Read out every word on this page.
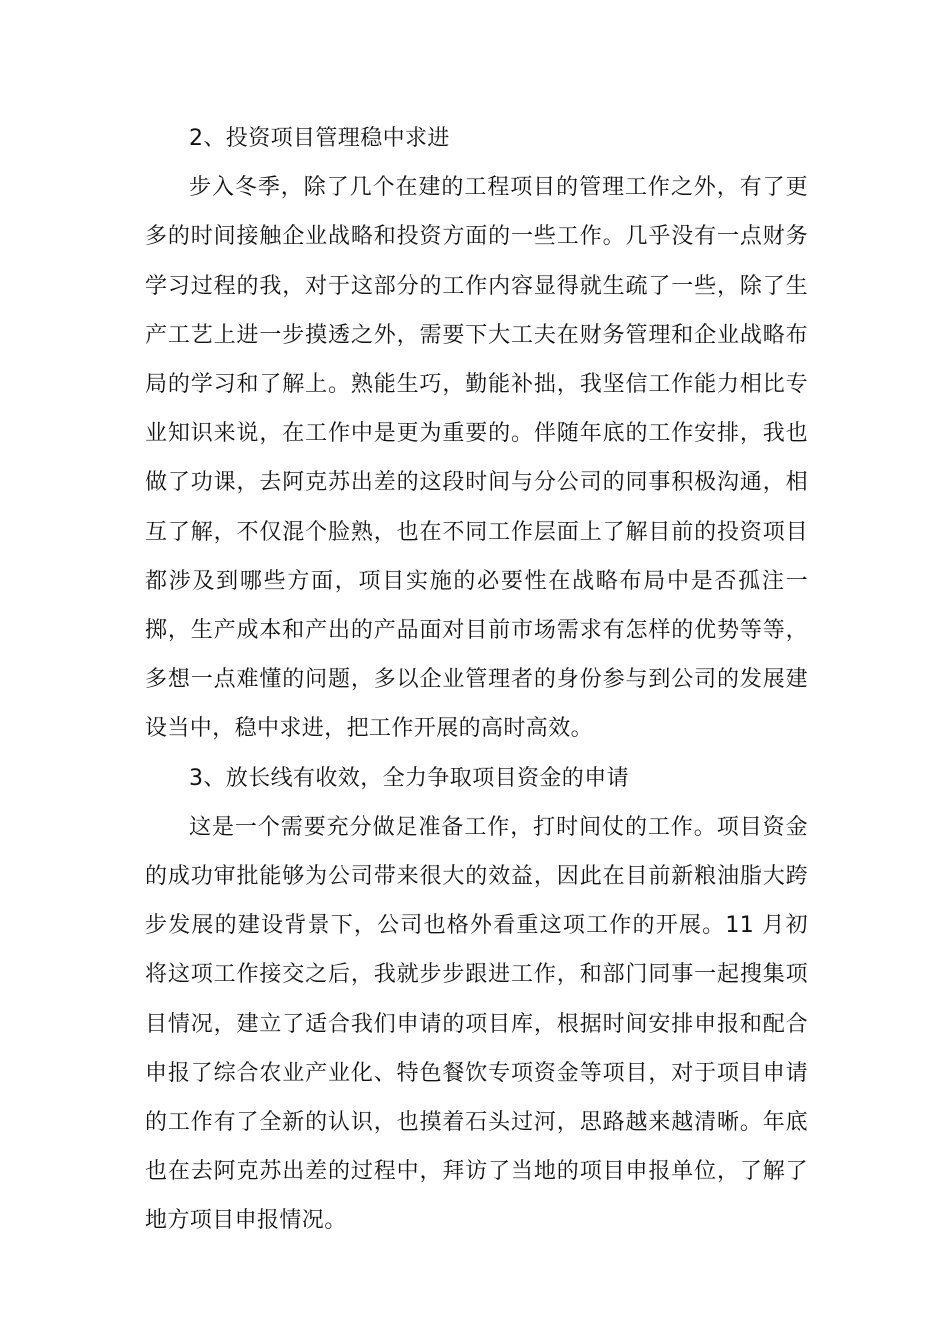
2、投资项目管理稳中求进

步入冬季，除了几个在建的工程项目的管理工作之外，有了更多的时间接触企业战略和投资方面的一些工作。几乎没有一点财务学习过程的我，对于这部分的工作内容显得就生疏了一些，除了生产工艺上进一步摸透之外，需要下大工夫在财务管理和企业战略布局的学习和了解上。熟能生巧，勤能补拙，我坚信工作能力相比专业知识来说，在工作中是更为重要的。伴随年底的工作安排，我也做了功课，去阿克苏出差的这段时间与分公司的同事积极沟通，相互了解，不仅混个脸熟，也在不同工作层面上了解目前的投资项目都涉及到哪些方面，项目实施的必要性在战略布局中是否孤注一掷，生产成本和产出的产品面对目前市场需求有怎样的优势等等，多想一点难懂的问题，多以企业管理者的身份参与到公司的发展建设当中，稳中求进，把工作开展的高时高效。

3、放长线有收效，全力争取项目资金的申请

这是一个需要充分做足准备工作，打时间仗的工作。项目资金的成功审批能够为公司带来很大的效益，因此在目前新粮油脂大跨步发展的建设背景下，公司也格外看重这项工作的开展。11 月初将这项工作接交之后，我就步步跟进工作，和部门同事一起搜集项目情况，建立了适合我们申请的项目库，根据时间安排申报和配合申报了综合农业产业化、特色餐饮专项资金等项目，对于项目申请的工作有了全新的认识，也摸着石头过河，思路越来越清晰。年底也在去阿克苏出差的过程中，拜访了当地的项目申报单位，了解了地方项目申报情况。
